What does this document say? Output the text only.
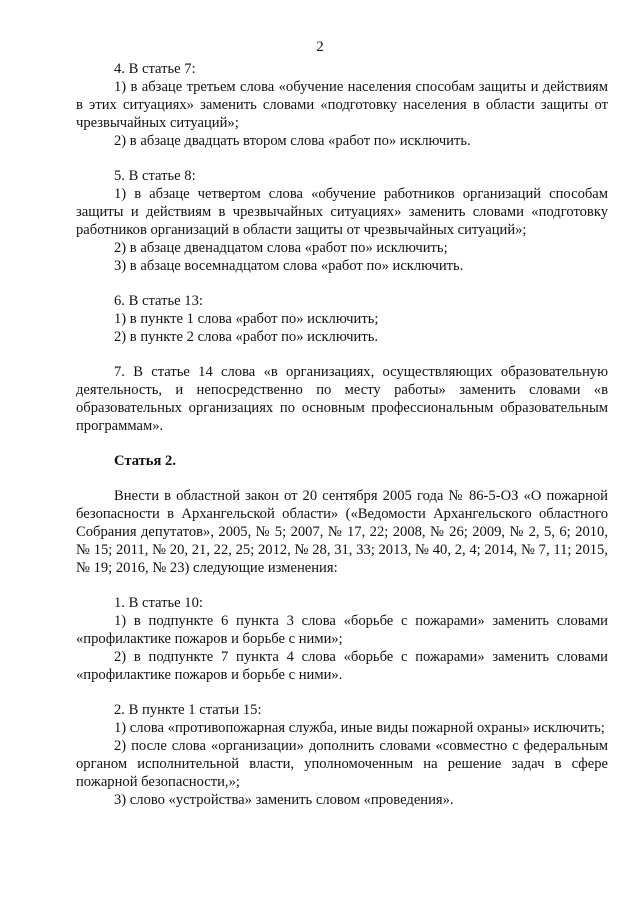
2

4. В статье 7:

1) в абзаце третьем слова «обучение населения способам защиты и действиям в этих ситуациях» заменить словами «подготовку населения в области защиты от чрезвычайных ситуаций»;

2) в абзаце двадцать втором слова «работ по» исключить.

5. В статье 8:

1) в абзаце четвертом слова «обучение работников организаций способам защиты и действиям в чрезвычайных ситуациях» заменить словами «подготовку работников организаций в области защиты от чрезвычайных ситуаций»;

2) в абзаце двенадцатом слова «работ по» исключить;

3) в абзаце восемнадцатом слова «работ по» исключить.

6. В статье 13:

1) в пункте 1 слова «работ по» исключить;

2) в пункте 2 слова «работ по» исключить.

7. В статье 14 слова «в организациях, осуществляющих образовательную деятельность, и непосредственно по месту работы» заменить словами «в образовательных организациях по основным профессиональным образовательным программам».

Статья 2.

Внести в областной закон от 20 сентября 2005 года № 86-5-ОЗ «О пожарной безопасности в Архангельской области» («Ведомости Архангельского областного Собрания депутатов», 2005, № 5; 2007, № 17, 22; 2008, № 26; 2009, № 2, 5, 6; 2010, № 15; 2011, № 20, 21, 22, 25; 2012, № 28, 31, 33; 2013, № 40, 2, 4; 2014, № 7, 11; 2015, № 19; 2016, № 23) следующие изменения:

1. В статье 10:

1) в подпункте 6 пункта 3 слова «борьбе с пожарами» заменить словами «профилактике пожаров и борьбе с ними»;

2) в подпункте 7 пункта 4 слова «борьбе с пожарами» заменить словами «профилактике пожаров и борьбе с ними».

2. В пункте 1 статьи 15:

1) слова «противопожарная служба, иные виды пожарной охраны» исключить;

2) после слова «организации» дополнить словами «совместно с федеральным органом исполнительной власти, уполномоченным на решение задач в сфере пожарной безопасности,»;

3) слово «устройства» заменить словом «проведения».
